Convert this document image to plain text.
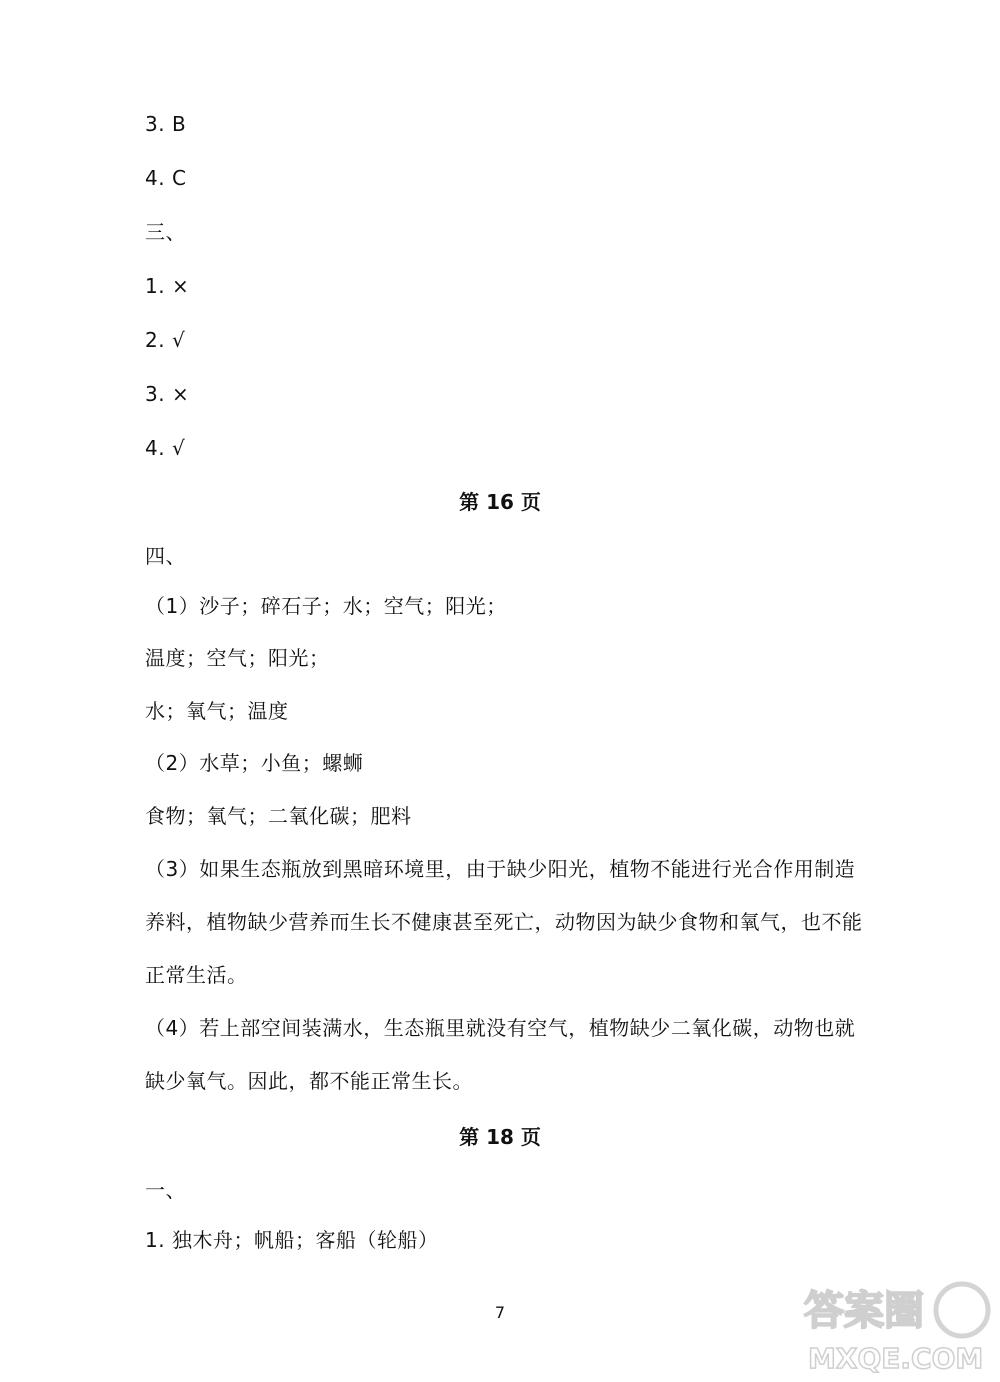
3. B
4. C
三、
1. ×
2. √
3. ×
4. √
第 16 页
四、
（1）沙子；碎石子；水；空气；阳光；
温度；空气；阳光；
水；氧气；温度
（2）水草；小鱼；螺蛳
食物；氧气；二氧化碳；肥料
（3）如果生态瓶放到黑暗环境里，由于缺少阳光，植物不能进行光合作用制造
养料，植物缺少营养而生长不健康甚至死亡，动物因为缺少食物和氧气，也不能
正常生活。
（4）若上部空间装满水，生态瓶里就没有空气，植物缺少二氧化碳，动物也就
缺少氧气。因此，都不能正常生长。
第 18 页
一、
1. 独木舟；帆船；客船（轮船）
7	答案圈
MXQE.COM
